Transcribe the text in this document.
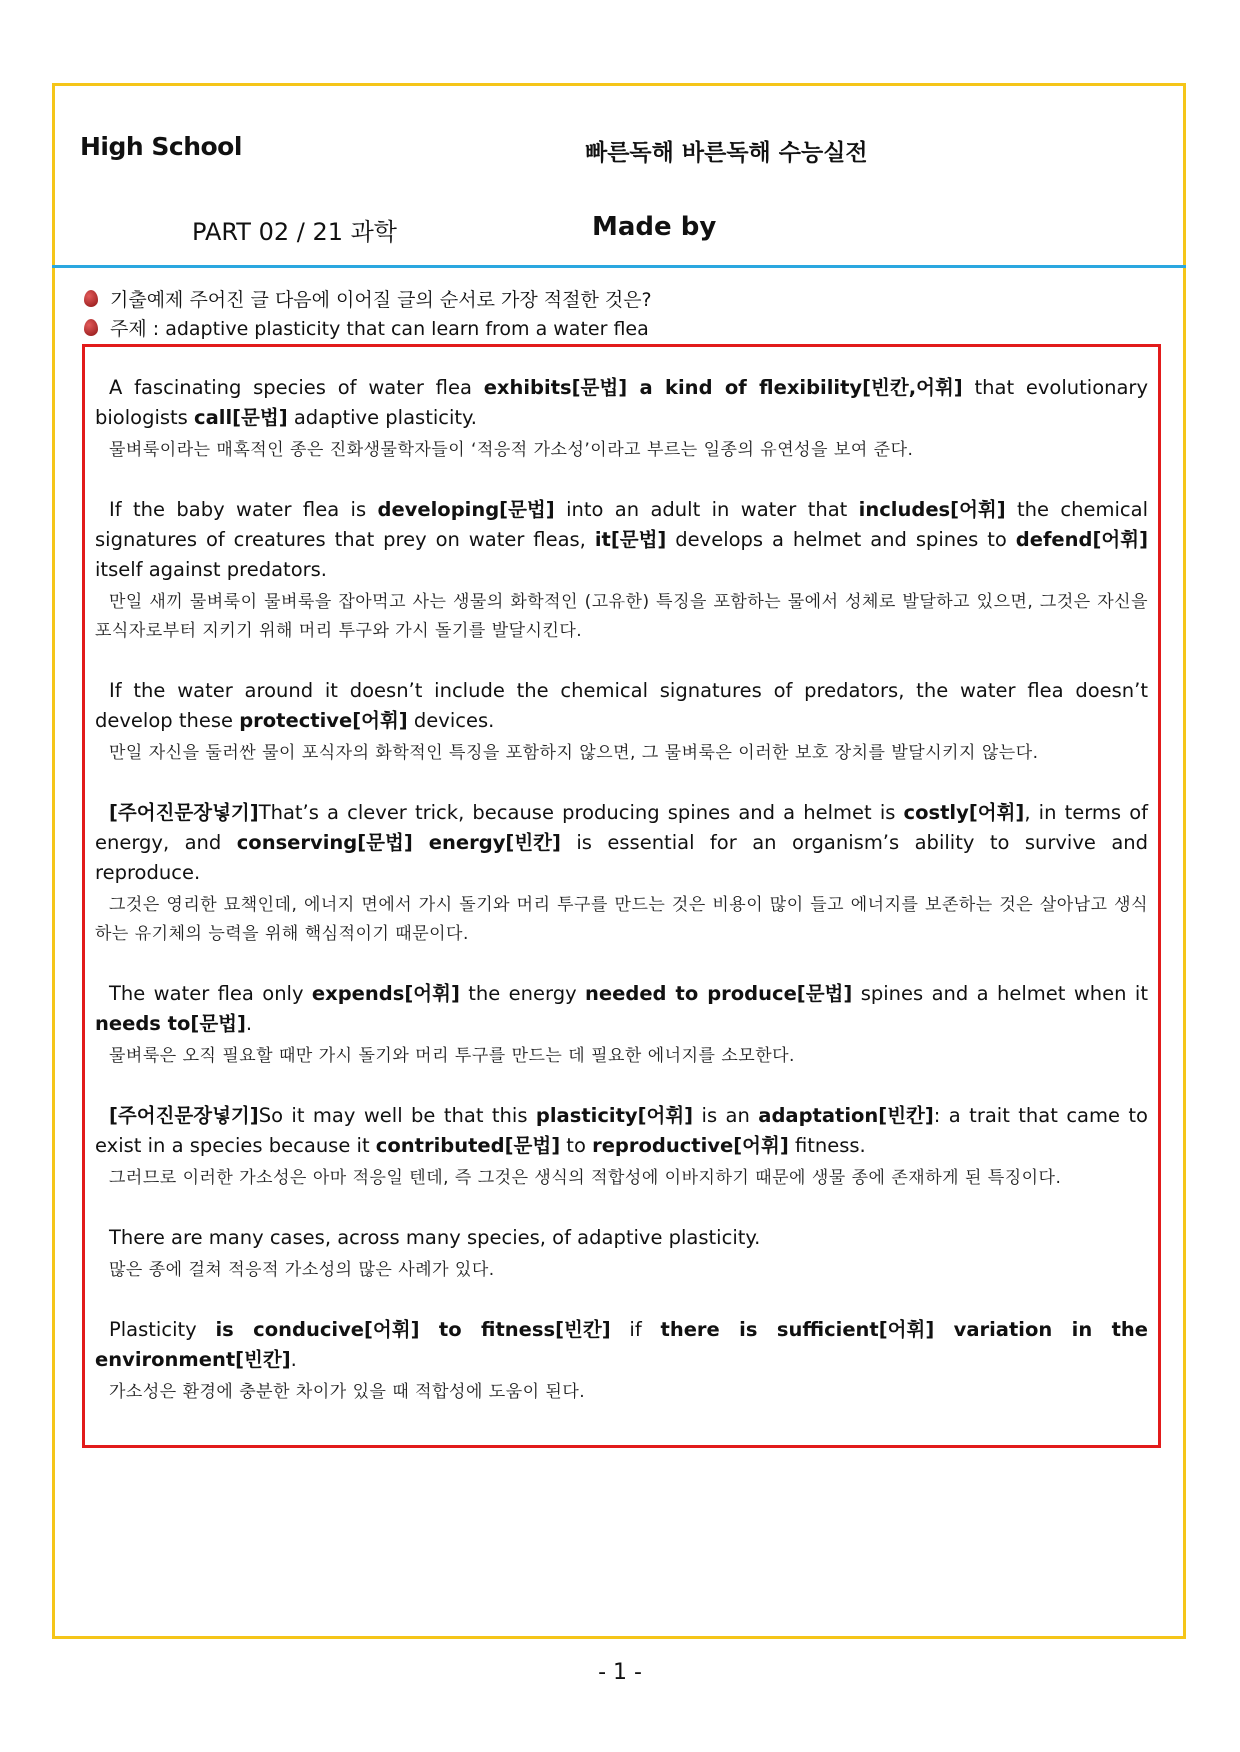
High School	빠른독해 바른독해 수능실전
PART 02 / 21 과학	Made by
기출예제 주어진 글 다음에 이어질 글의 순서로 가장 적절한 것은?
주제 : adaptive plasticity that can learn from a water flea

A fascinating species of water flea exhibits[문법] a kind of flexibility[빈칸,어휘] that evolutionary biologists call[문법] adaptive plasticity.

물벼룩이라는 매혹적인 종은 진화생물학자들이 ‘적응적 가소성’이라고 부르는 일종의 유연성을 보여 준다.

If the baby water flea is developing[문법] into an adult in water that includes[어휘] the chemical signatures of creatures that prey on water fleas, it[문법] develops a helmet and spines to defend[어휘] itself against predators.

만일 새끼 물벼룩이 물벼룩을 잡아먹고 사는 생물의 화학적인 (고유한) 특징을 포함하는 물에서 성체로 발달하고 있으면, 그것은 자신을 포식자로부터 지키기 위해 머리 투구와 가시 돌기를 발달시킨다.

If the water around it doesn’t include the chemical signatures of predators, the water flea doesn’t develop these protective[어휘] devices.

만일 자신을 둘러싼 물이 포식자의 화학적인 특징을 포함하지 않으면, 그 물벼룩은 이러한 보호 장치를 발달시키지 않는다.

[주어진문장넣기]That’s a clever trick, because producing spines and a helmet is costly[어휘], in terms of energy, and conserving[문법] energy[빈칸] is essential for an organism’s ability to survive and reproduce.

그것은 영리한 묘책인데, 에너지 면에서 가시 돌기와 머리 투구를 만드는 것은 비용이 많이 들고 에너지를 보존하는 것은 살아남고 생식하는 유기체의 능력을 위해 핵심적이기 때문이다.

The water flea only expends[어휘] the energy needed to produce[문법] spines and a helmet when it needs to[문법].

물벼룩은 오직 필요할 때만 가시 돌기와 머리 투구를 만드는 데 필요한 에너지를 소모한다.

[주어진문장넣기]So it may well be that this plasticity[어휘] is an adaptation[빈칸]: a trait that came to exist in a species because it contributed[문법] to reproductive[어휘] fitness.

그러므로 이러한 가소성은 아마 적응일 텐데, 즉 그것은 생식의 적합성에 이바지하기 때문에 생물 종에 존재하게 된 특징이다.

There are many cases, across many species, of adaptive plasticity.

많은 종에 걸쳐 적응적 가소성의 많은 사례가 있다.

Plasticity is conducive[어휘] to fitness[빈칸] if there is sufficient[어휘] variation in the environment[빈칸].

가소성은 환경에 충분한 차이가 있을 때 적합성에 도움이 된다.

- 1 -
